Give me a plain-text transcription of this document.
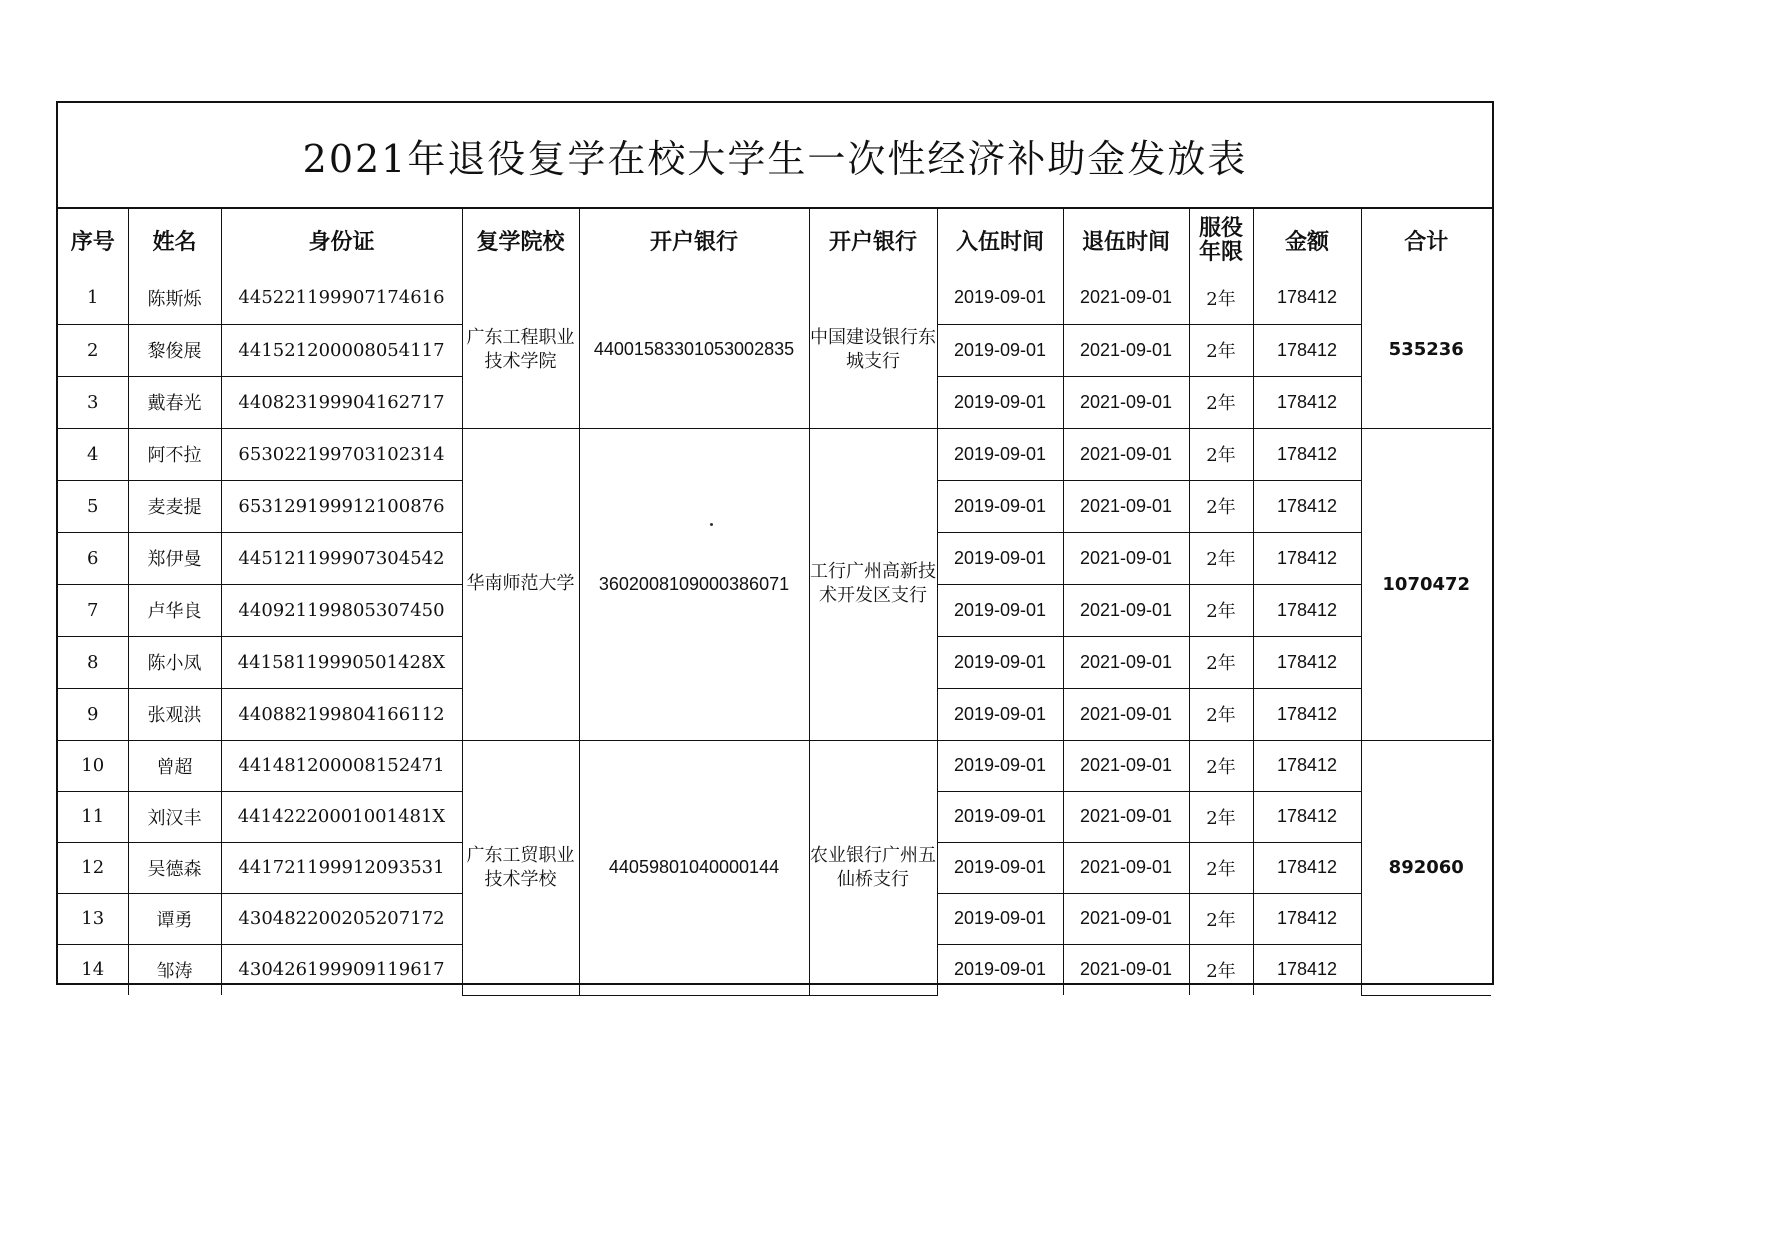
2021年退役复学在校大学生一次性经济补助金发放表
序号	姓名	身份证	复学院校	开户银行	开户银行	入伍时间	退伍时间	服役年限	金额	合计
1	陈斯烁	445221199907174616	广东工程职业技术学院	44001583301053002835	中国建设银行东城支行	2019-09-01	2021-09-01	2年	178412	535236
2	黎俊展	441521200008054117				2019-09-01	2021-09-01	2年	178412	
3	戴春光	440823199904162717				2019-09-01	2021-09-01	2年	178412	
4	阿不拉	653022199703102314	华南师范大学	3602008109000386071	工行广州高新技术开发区支行	2019-09-01	2021-09-01	2年	178412	1070472
5	麦麦提	653129199912100876				2019-09-01	2021-09-01	2年	178412	
6	郑伊曼	445121199907304542				2019-09-01	2021-09-01	2年	178412	
7	卢华良	440921199805307450				2019-09-01	2021-09-01	2年	178412	
8	陈小凤	44158119990501428X				2019-09-01	2021-09-01	2年	178412	
9	张观洪	440882199804166112				2019-09-01	2021-09-01	2年	178412	
10	曾超	441481200008152471	广东工贸职业技术学校	44059801040000144	农业银行广州五仙桥支行	2019-09-01	2021-09-01	2年	178412	892060
11	刘汉丰	44142220001001481X				2019-09-01	2021-09-01	2年	178412	
12	吴德森	441721199912093531				2019-09-01	2021-09-01	2年	178412	
13	谭勇	430482200205207172				2019-09-01	2021-09-01	2年	178412	
14	邹涛	430426199909119617				2019-09-01	2021-09-01	2年	178412	
